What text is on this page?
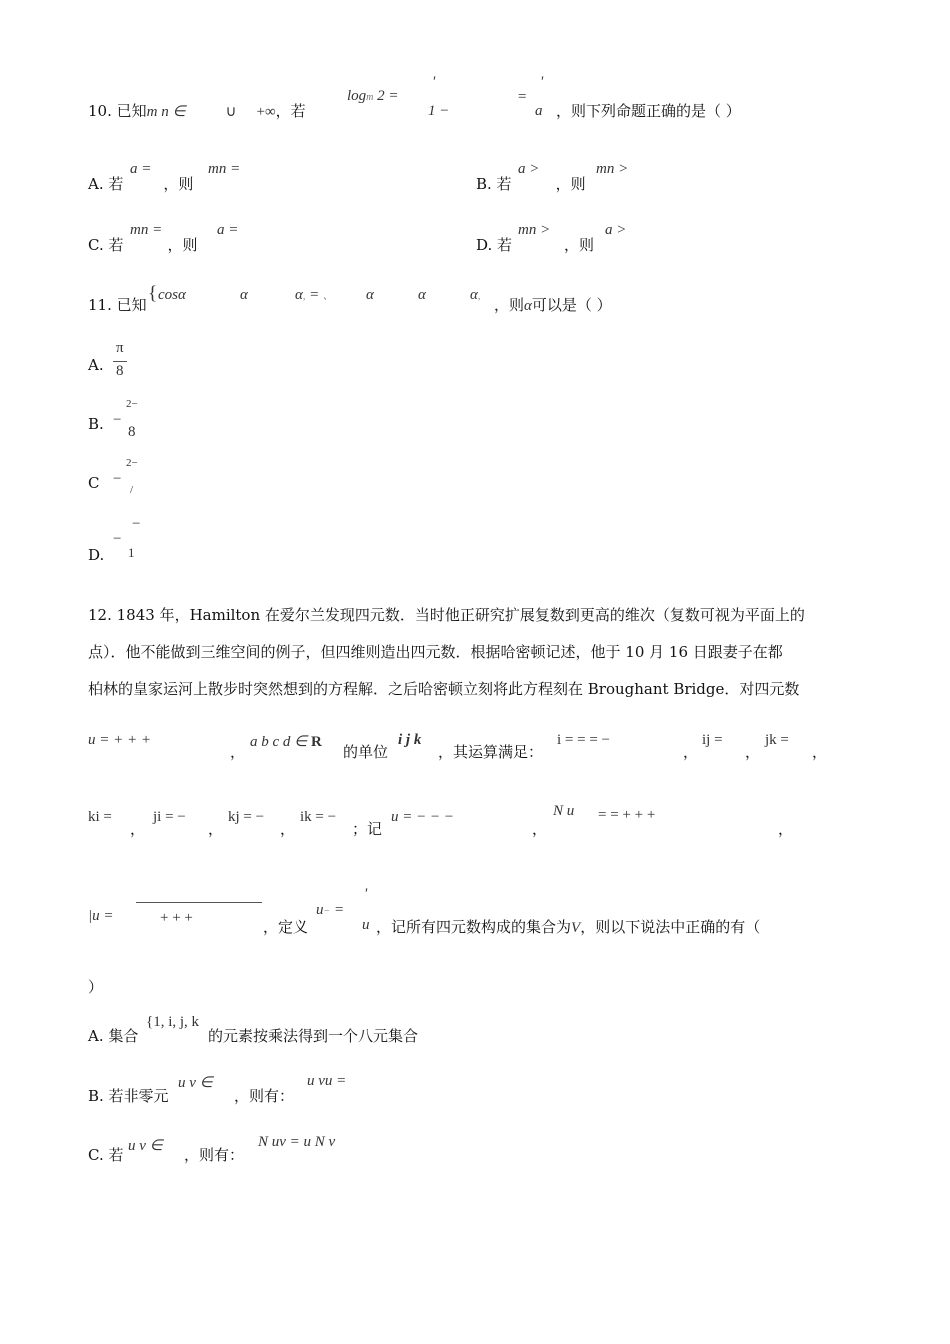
10. 已知m n ∈	∪ +∞，若
logm 2 =
'
1 −
=
'
a ，则下列命题正确的是（ ）
A. 若	，则
a =	mn =
B. 若	，则
a >	mn >
C. 若	，则
mn =	a =
D. 若	，则
mn >	a >
11. 已知
{ cosα	α	α, = 、 α	α	α, ，则α可以是（ ）
A.
π
8
B. −
2−
8
C −
2−
/
D.
−
−
1
12. 1843 年，Hamilton 在爱尔兰发现四元数．当时他正研究扩展复数到更高的维次（复数可视为平面上的
点）．他不能做到三维空间的例子，但四维则造出四元数．根据哈密顿记述，他于 10 月 16 日跟妻子在都
柏林的皇家运河上散步时突然想到的方程解．之后哈密顿立刻将此方程刻在 Broughant Bridge．对四元数
u = + + +
，
a b c d ∈ R
的单位
i j k
，其运算满足：
i = = = −
，
ij =
，
jk =
，
ki =
，
ji = −
，
kj = −
，
ik = −
；记
u = − − −
，
N u = = + + +
，
|u =	+ + +	，定义
u− =
'
u ，记所有四元数构成的集合为V，则以下说法中正确的有（
）
A. 集合
{1, i, j, k
的元素按乘法得到一个八元集合
B. 若非零元
u v ∈
，则有：
u vu =
C. 若 u v ∈ ，则有：
N uv = u N v
